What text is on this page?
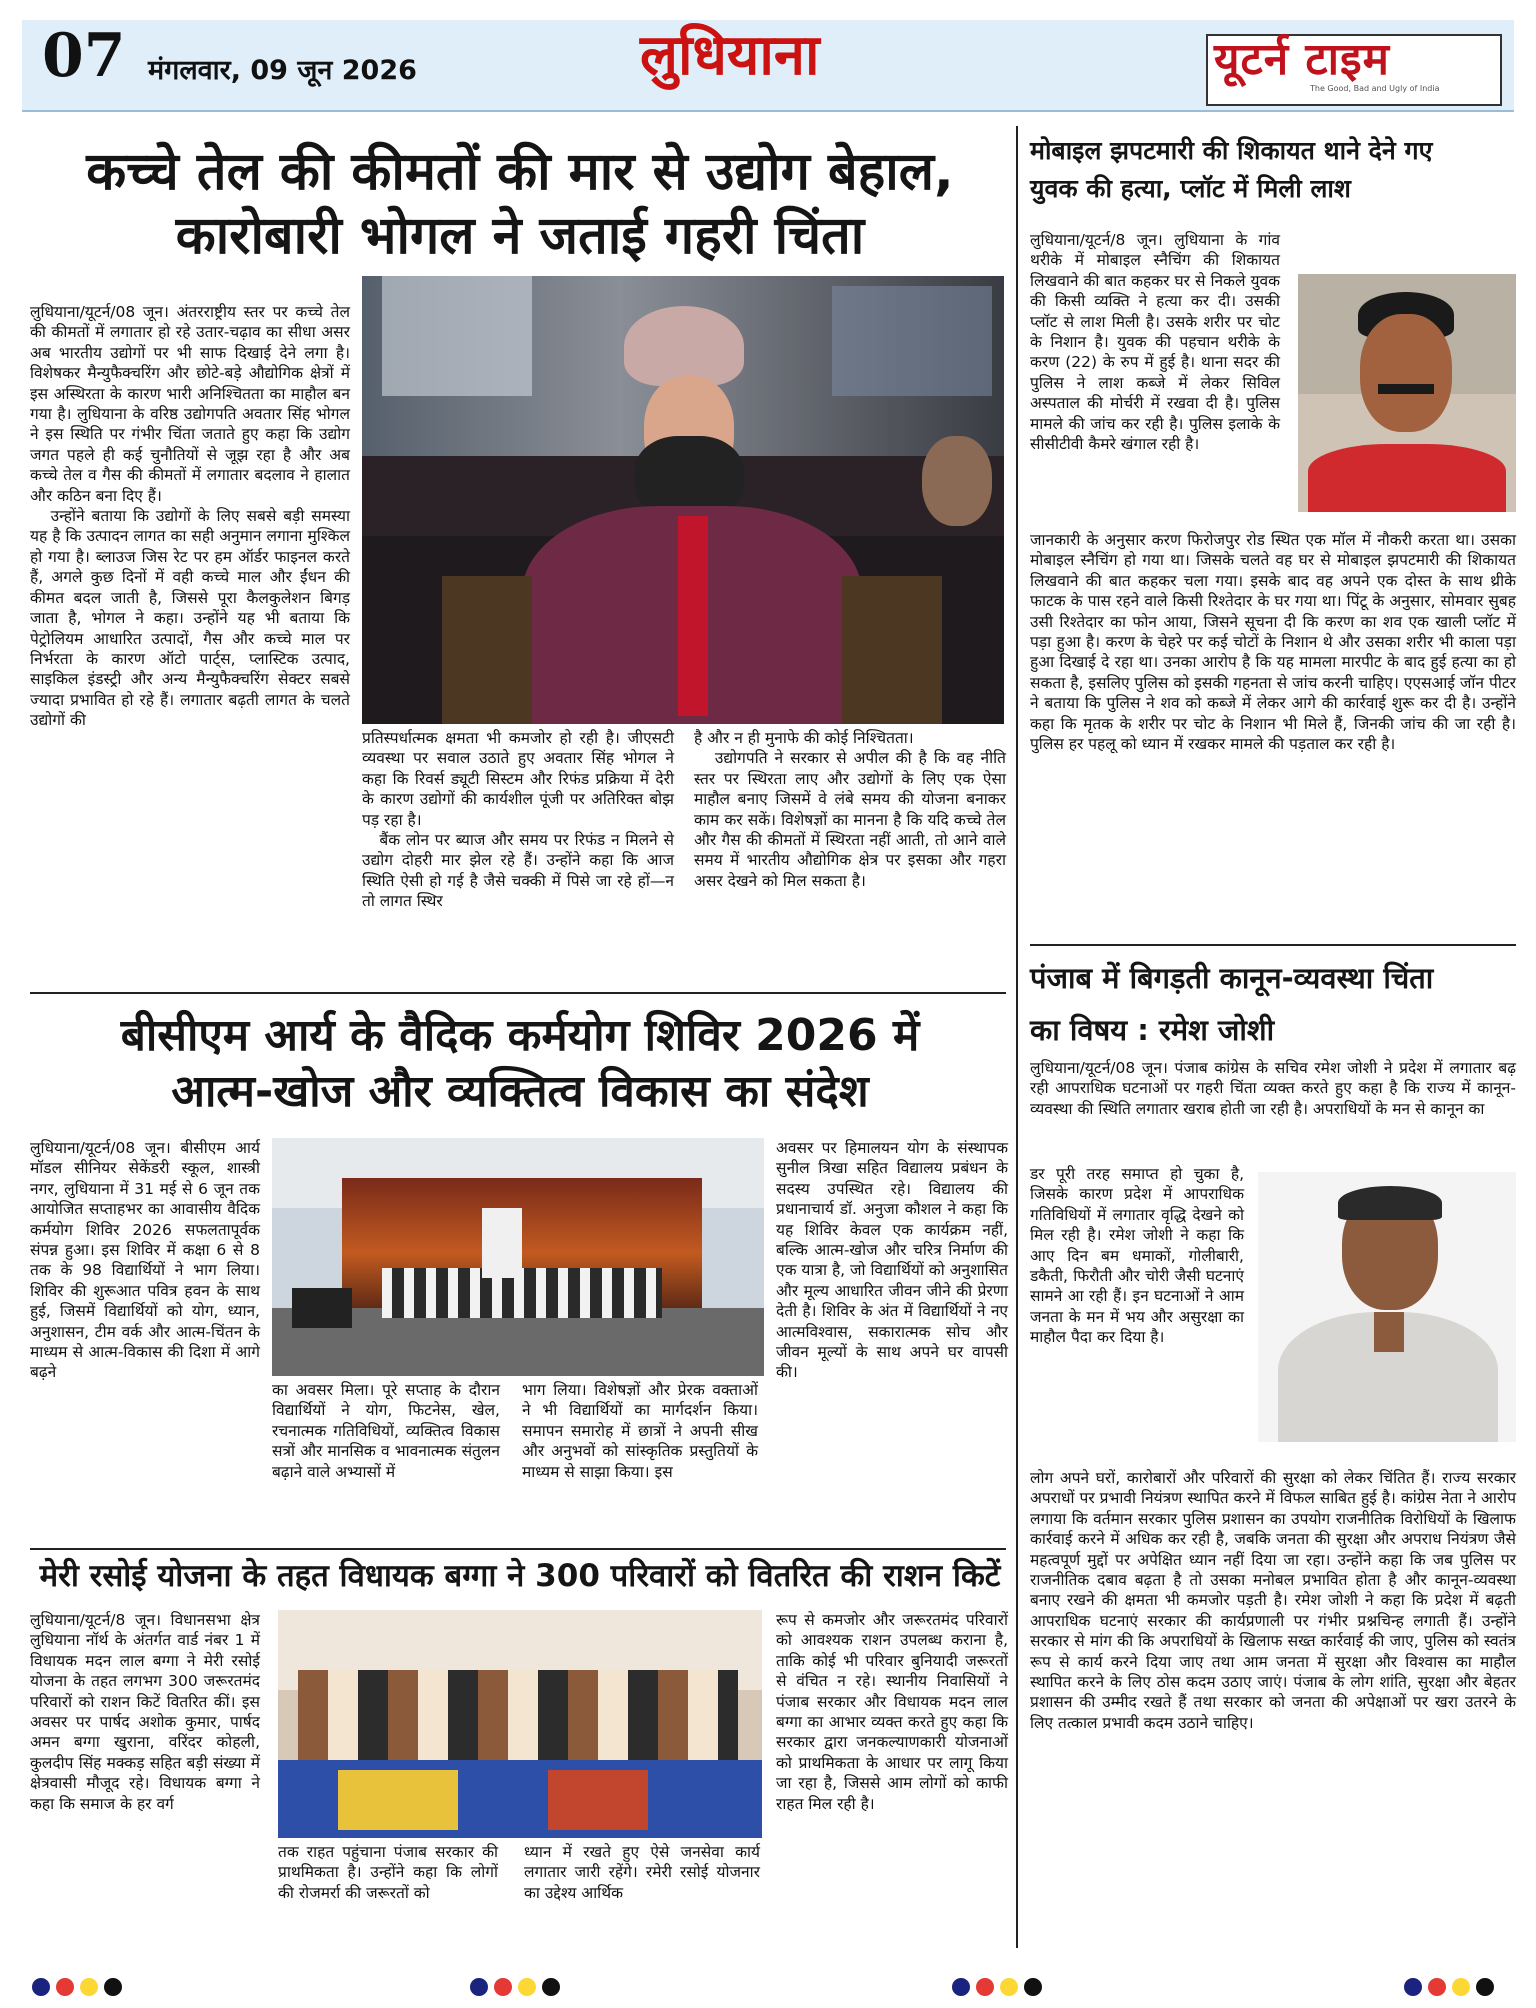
07 मंगलवार, 09 जून 2026	लुधियाना	यूटर्न टाइम
The Good, Bad and Ugly of India
कच्चे तेल की कीमतों की मार से उद्योग बेहाल,
कारोबारी भोगल ने जताई गहरी चिंता
लुधियाना/यूटर्न/08 जून। अंतरराष्ट्रीय स्तर पर कच्चे तेल की कीमतों में लगातार हो रहे उतार-चढ़ाव का सीधा असर अब भारतीय उद्योगों पर भी साफ दिखाई देने लगा है। विशेषकर मैन्युफैक्चरिंग और छोटे-बड़े औद्योगिक क्षेत्रों में इस अस्थिरता के कारण भारी अनिश्चितता का माहौल बन गया है। लुधियाना के वरिष्ठ उद्योगपति अवतार सिंह भोगल ने इस स्थिति पर गंभीर चिंता जताते हुए कहा कि उद्योग जगत पहले ही कई चुनौतियों से जूझ रहा है और अब कच्चे तेल व गैस की कीमतों में लगातार बदलाव ने हालात और कठिन बना दिए हैं।
उन्होंने बताया कि उद्योगों के लिए सबसे बड़ी समस्या यह है कि उत्पादन लागत का सही अनुमान लगाना मुश्किल हो गया है। ब्लाउज जिस रेट पर हम ऑर्डर फाइनल करते हैं, अगले कुछ दिनों में वही कच्चे माल और ईंधन की कीमत बदल जाती है, जिससे पूरा कैलकुलेशन बिगड़ जाता है, भोगल ने कहा। उन्होंने यह भी बताया कि पेट्रोलियम आधारित उत्पादों, गैस और कच्चे माल पर निर्भरता के कारण ऑटो पार्ट्स, प्लास्टिक उत्पाद, साइकिल इंडस्ट्री और अन्य मैन्युफैक्चरिंग सेक्टर सबसे ज्यादा प्रभावित हो रहे हैं। लगातार बढ़ती लागत के चलते उद्योगों की
प्रतिस्पर्धात्मक क्षमता भी कमजोर हो रही है। जीएसटी व्यवस्था पर सवाल उठाते हुए अवतार सिंह भोगल ने कहा कि रिवर्स ड्यूटी सिस्टम और रिफंड प्रक्रिया में देरी के कारण उद्योगों की कार्यशील पूंजी पर अतिरिक्त बोझ पड़ रहा है।
बैंक लोन पर ब्याज और समय पर रिफंड न मिलने से उद्योग दोहरी मार झेल रहे हैं। उन्होंने कहा कि आज स्थिति ऐसी हो गई है जैसे चक्की में पिसे जा रहे हों—न तो लागत स्थिर
है और न ही मुनाफे की कोई निश्चितता।
उद्योगपति ने सरकार से अपील की है कि वह नीति स्तर पर स्थिरता लाए और उद्योगों के लिए एक ऐसा माहौल बनाए जिसमें वे लंबे समय की योजना बनाकर काम कर सकें। विशेषज्ञों का मानना है कि यदि कच्चे तेल और गैस की कीमतों में स्थिरता नहीं आती, तो आने वाले समय में भारतीय औद्योगिक क्षेत्र पर इसका और गहरा असर देखने को मिल सकता है।
बीसीएम आर्य के वैदिक कर्मयोग शिविर 2026 में
आत्म-खोज और व्यक्तित्व विकास का संदेश
लुधियाना/यूटर्न/08 जून। बीसीएम आर्य मॉडल सीनियर सेकेंडरी स्कूल, शास्त्री नगर, लुधियाना में 31 मई से 6 जून तक आयोजित सप्ताहभर का आवासीय वैदिक कर्मयोग शिविर 2026 सफलतापूर्वक संपन्न हुआ। इस शिविर में कक्षा 6 से 8 तक के 98 विद्यार्थियों ने भाग लिया। शिविर की शुरूआत पवित्र हवन के साथ हुई, जिसमें विद्यार्थियों को योग, ध्यान, अनुशासन, टीम वर्क और आत्म-चिंतन के माध्यम से आत्म-विकास की दिशा में आगे बढ़ने
का अवसर मिला। पूरे सप्ताह के दौरान विद्यार्थियों ने योग, फिटनेस, खेल, रचनात्मक गतिविधियों, व्यक्तित्व विकास सत्रों और मानसिक व भावनात्मक संतुलन बढ़ाने वाले अभ्यासों में
भाग लिया। विशेषज्ञों और प्रेरक वक्ताओं ने भी विद्यार्थियों का मार्गदर्शन किया। समापन समारोह में छात्रों ने अपनी सीख और अनुभवों को सांस्कृतिक प्रस्तुतियों के माध्यम से साझा किया। इस
अवसर पर हिमालयन योग के संस्थापक सुनील त्रिखा सहित विद्यालय प्रबंधन के सदस्य उपस्थित रहे। विद्यालय की प्रधानाचार्य डॉ. अनुजा कौशल ने कहा कि यह शिविर केवल एक कार्यक्रम नहीं, बल्कि आत्म-खोज और चरित्र निर्माण की एक यात्रा है, जो विद्यार्थियों को अनुशासित और मूल्य आधारित जीवन जीने की प्रेरणा देती है। शिविर के अंत में विद्यार्थियों ने नए आत्मविश्वास, सकारात्मक सोच और जीवन मूल्यों के साथ अपने घर वापसी की।
मेरी रसोई योजना के तहत विधायक बग्गा ने 300 परिवारों को वितरित की राशन किटें
लुधियाना/यूटर्न/8 जून। विधानसभा क्षेत्र लुधियाना नॉर्थ के अंतर्गत वार्ड नंबर 1 में विधायक मदन लाल बग्गा ने मेरी रसोई योजना के तहत लगभग 300 जरूरतमंद परिवारों को राशन किटें वितरित कीं। इस अवसर पर पार्षद अशोक कुमार, पार्षद अमन बग्गा खुराना, वरिंदर कोहली, कुलदीप सिंह मक्कड़ सहित बड़ी संख्या में क्षेत्रवासी मौजूद रहे। विधायक बग्गा ने कहा कि समाज के हर वर्ग
तक राहत पहुंचाना पंजाब सरकार की प्राथमिकता है। उन्होंने कहा कि लोगों की रोजमर्रा की जरूरतों को
ध्यान में रखते हुए ऐसे जनसेवा कार्य लगातार जारी रहेंगे। रमेरी रसोई योजनार का उद्देश्य आर्थिक
रूप से कमजोर और जरूरतमंद परिवारों को आवश्यक राशन उपलब्ध कराना है, ताकि कोई भी परिवार बुनियादी जरूरतों से वंचित न रहे। स्थानीय निवासियों ने पंजाब सरकार और विधायक मदन लाल बग्गा का आभार व्यक्त करते हुए कहा कि सरकार द्वारा जनकल्याणकारी योजनाओं को प्राथमिकता के आधार पर लागू किया जा रहा है, जिससे आम लोगों को काफी राहत मिल रही है।
मोबाइल झपटमारी की शिकायत थाने देने गए
युवक की हत्या, प्लॉट में मिली लाश
लुधियाना/यूटर्न/8 जून। लुधियाना के गांव थरीके में मोबाइल स्नैचिंग की शिकायत लिखवाने की बात कहकर घर से निकले युवक की किसी व्यक्ति ने हत्या कर दी। उसकी प्लॉट से लाश मिली है। उसके शरीर पर चोट के निशान है। युवक की पहचान थरीके के करण (22) के रुप में हुई है। थाना सदर की पुलिस ने लाश कब्जे में लेकर सिविल अस्पताल की मोर्चरी में रखवा दी है। पुलिस मामले की जांच कर रही है। पुलिस इलाके के सीसीटीवी कैमरे खंगाल रही है।
जानकारी के अनुसार करण फिरोजपुर रोड स्थित एक मॉल में नौकरी करता था। उसका मोबाइल स्नैचिंग हो गया था। जिसके चलते वह घर से मोबाइल झपटमारी की शिकायत लिखवाने की बात कहकर चला गया। इसके बाद वह अपने एक दोस्त के साथ थ्रीके फाटक के पास रहने वाले किसी रिश्तेदार के घर गया था। पिंटू के अनुसार, सोमवार सुबह उसी रिश्तेदार का फोन आया, जिसने सूचना दी कि करण का शव एक खाली प्लॉट में पड़ा हुआ है। करण के चेहरे पर कई चोटों के निशान थे और उसका शरीर भी काला पड़ा हुआ दिखाई दे रहा था। उनका आरोप है कि यह मामला मारपीट के बाद हुई हत्या का हो सकता है, इसलिए पुलिस को इसकी गहनता से जांच करनी चाहिए। एएसआई जॉन पीटर ने बताया कि पुलिस ने शव को कब्जे में लेकर आगे की कार्रवाई शुरू कर दी है। उन्होंने कहा कि मृतक के शरीर पर चोट के निशान भी मिले हैं, जिनकी जांच की जा रही है। पुलिस हर पहलू को ध्यान में रखकर मामले की पड़ताल कर रही है।
पंजाब में बिगड़ती कानून-व्यवस्था चिंता
का विषय : रमेश जोशी
लुधियाना/यूटर्न/08 जून। पंजाब कांग्रेस के सचिव रमेश जोशी ने प्रदेश में लगातार बढ़ रही आपराधिक घटनाओं पर गहरी चिंता व्यक्त करते हुए कहा है कि राज्य में कानून-व्यवस्था की स्थिति लगातार खराब होती जा रही है। अपराधियों के मन से कानून का
डर पूरी तरह समाप्त हो चुका है, जिसके कारण प्रदेश में आपराधिक गतिविधियों में लगातार वृद्धि देखने को मिल रही है। रमेश जोशी ने कहा कि आए दिन बम धमाकों, गोलीबारी, डकैती, फिरौती और चोरी जैसी घटनाएं सामने आ रही हैं। इन घटनाओं ने आम जनता के मन में भय और असुरक्षा का माहौल पैदा कर दिया है।
लोग अपने घरों, कारोबारों और परिवारों की सुरक्षा को लेकर चिंतित हैं। राज्य सरकार अपराधों पर प्रभावी नियंत्रण स्थापित करने में विफल साबित हुई है। कांग्रेस नेता ने आरोप लगाया कि वर्तमान सरकार पुलिस प्रशासन का उपयोग राजनीतिक विरोधियों के खिलाफ कार्रवाई करने में अधिक कर रही है, जबकि जनता की सुरक्षा और अपराध नियंत्रण जैसे महत्वपूर्ण मुद्दों पर अपेक्षित ध्यान नहीं दिया जा रहा। उन्होंने कहा कि जब पुलिस पर राजनीतिक दबाव बढ़ता है तो उसका मनोबल प्रभावित होता है और कानून-व्यवस्था बनाए रखने की क्षमता भी कमजोर पड़ती है। रमेश जोशी ने कहा कि प्रदेश में बढ़ती आपराधिक घटनाएं सरकार की कार्यप्रणाली पर गंभीर प्रश्नचिन्ह लगाती हैं। उन्होंने सरकार से मांग की कि अपराधियों के खिलाफ सख्त कार्रवाई की जाए, पुलिस को स्वतंत्र रूप से कार्य करने दिया जाए तथा आम जनता में सुरक्षा और विश्वास का माहौल स्थापित करने के लिए ठोस कदम उठाए जाएं। पंजाब के लोग शांति, सुरक्षा और बेहतर प्रशासन की उम्मीद रखते हैं तथा सरकार को जनता की अपेक्षाओं पर खरा उतरने के लिए तत्काल प्रभावी कदम उठाने चाहिए।
